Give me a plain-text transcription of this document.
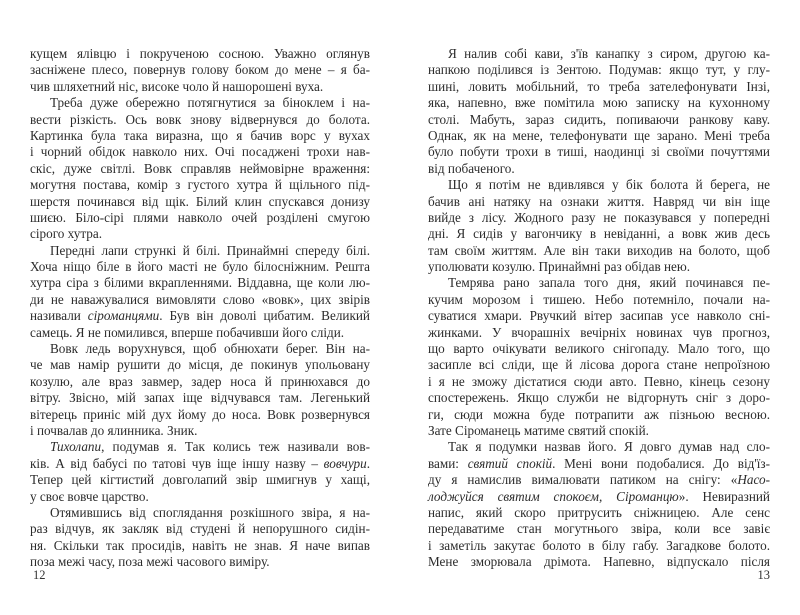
кущем ялівцю і покрученою сосною. Уважно оглянув
засніжене плесо, повернув голову боком до мене – я ба-
чив шляхетний ніс, високе чоло й нашорошені вуха.
Треба дуже обережно потягнутися за біноклем і на-
вести різкість. Ось вовк знову відвернувся до болота.
Картинка була така виразна, що я бачив ворс у вухах
і чорний обідок навколо них. Очі посаджені трохи нав-
скіс, дуже світлі. Вовк справляв неймовірне враження:
могутня постава, комір з густого хутра й щільного під-
шерстя починався від щік. Білий клин спускався донизу
шиєю. Біло-сірі плями навколо очей розділені смугою
сірого хутра.
Передні лапи стрункі й білі. Принаймні спереду білі.
Хоча ніщо біле в його масті не було білосніжним. Решта
хутра сіра з білими вкрапленнями. Віддавна, ще коли лю-
ди не наважувалися вимовляти слово «вовк», цих звірів
називали сіроманцями. Був він доволі цибатим. Великий
самець. Я не помилився, вперше побачивши його сліди.
Вовк ледь ворухнувся, щоб обнюхати берег. Він на-
че мав намір рушити до місця, де покинув упольовану
козулю, але враз завмер, задер носа й принюхався до
вітру. Звісно, мій запах іще відчувався там. Легенький
вітерець приніс мій дух йому до носа. Вовк розвернувся
і почвалав до ялинника. Зник.
Тихолапи, подумав я. Так колись теж називали вов-
ків. А від бабусі по татові чув іще іншу назву – вовчури.
Тепер цей кігтистий довголапий звір шмигнув у хащі,
у своє вовче царство.
Отямившись від споглядання розкішного звіра, я на-
раз відчув, як закляк від студені й непорушного сидін-
ня. Скільки так просидів, навіть не знав. Я наче випав
поза межі часу, поза межі часового виміру.
12
Я налив собі кави, з'їв канапку з сиром, другою ка-
напкою поділився із Зентою. Подумав: якщо тут, у глу-
шині, ловить мобільний, то треба зателефонувати Інзі,
яка, напевно, вже помітила мою записку на кухонному
столі. Мабуть, зараз сидить, попиваючи ранкову каву.
Однак, як на мене, телефонувати ще зарано. Мені треба
було побути трохи в тиші, наодинці зі своїми почуттями
від побаченого.
Що я потім не вдивлявся у бік болота й берега, не
бачив ані натяку на ознаки життя. Навряд чи він іще
вийде з лісу. Жодного разу не показувався у попередні
дні. Я сидів у вагончику в невіданні, а вовк жив десь
там своїм життям. Але він таки виходив на болото, щоб
уполювати козулю. Принаймні раз обідав нею.
Темрява рано запала того дня, який починався пе-
кучим морозом і тишею. Небо потемніло, почали на-
суватися хмари. Рвучкий вітер засипав усе навколо сні-
жинками. У вчорашніх вечірніх новинах чув прогноз,
що варто очікувати великого снігопаду. Мало того, що
засипле всі сліди, ще й лісова дорога стане непроїзною
і я не зможу дістатися сюди авто. Певно, кінець сезону
спостережень. Якщо служби не відгорнуть сніг з доро-
ги, сюди можна буде потрапити аж пізньою весною.
Зате Сіроманець матиме святий спокій.
Так я подумки назвав його. Я довго думав над сло-
вами: святий спокій. Мені вони подобалися. До від'їз-
ду я намислив вималювати патиком на снігу: «Насо-
лоджуйся святим спокоєм, Сіроманцю». Невиразний
напис, який скоро притрусить сніжницею. Але сенс
передаватиме стан могутнього звіра, коли все завіє
і заметіль закутає болото в білу габу. Загадкове болото.
Мене зморювала дрімота. Напевно, відпускало після
13
